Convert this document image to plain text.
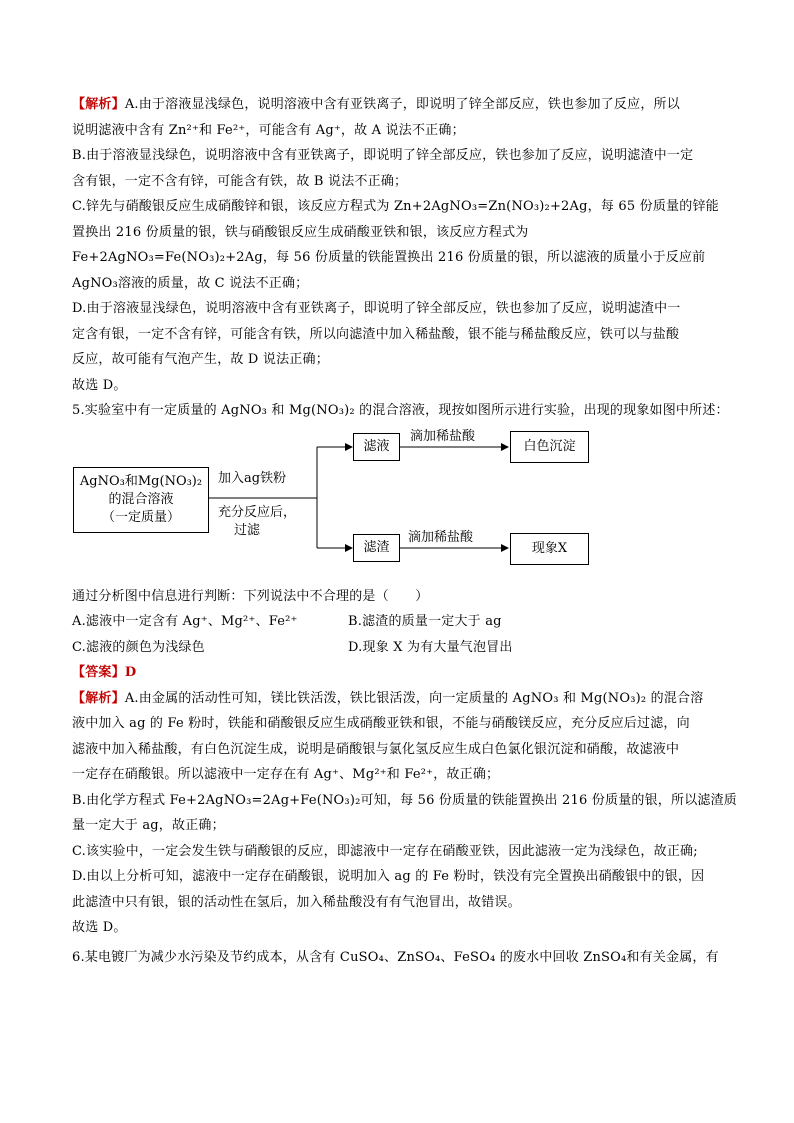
【解析】A.由于溶液显浅绿色，说明溶液中含有亚铁离子，即说明了锌全部反应，铁也参加了反应，所以
说明滤液中含有 Zn²⁺和 Fe²⁺，可能含有 Ag⁺，故 A 说法不正确；
B.由于溶液显浅绿色，说明溶液中含有亚铁离子，即说明了锌全部反应，铁也参加了反应，说明滤渣中一定
含有银，一定不含有锌，可能含有铁，故 B 说法不正确；
C.锌先与硝酸银反应生成硝酸锌和银，该反应方程式为 Zn+2AgNO₃=Zn(NO₃)₂+2Ag，每 65 份质量的锌能
置换出 216 份质量的银，铁与硝酸银反应生成硝酸亚铁和银，该反应方程式为
Fe+2AgNO₃=Fe(NO₃)₂+2Ag，每 56 份质量的铁能置换出 216 份质量的银，所以滤液的质量小于反应前
AgNO₃溶液的质量，故 C 说法不正确；
D.由于溶液显浅绿色，说明溶液中含有亚铁离子，即说明了锌全部反应，铁也参加了反应，说明滤渣中一
定含有银，一定不含有锌，可能含有铁，所以向滤渣中加入稀盐酸，银不能与稀盐酸反应，铁可以与盐酸
反应，故可能有气泡产生，故 D 说法正确；
故选 D。
5.实验室中有一定质量的 AgNO₃ 和 Mg(NO₃)₂ 的混合溶液，现按如图所示进行实验，出现的现象如图中所述：
AgNO₃和Mg(NO₃)₂
的混合溶液
（一定质量）
加入ag铁粉
充分反应后，
过滤
滤液
滤渣
滴加稀盐酸
滴加稀盐酸
白色沉淀
现象X
通过分析图中信息进行判断：下列说法中不合理的是（　　）
A.滤液中一定含有 Ag⁺、Mg²⁺、Fe²⁺	B.滤渣的质量一定大于 ag
C.滤液的颜色为浅绿色	D.现象 X 为有大量气泡冒出
【答案】D
【解析】A.由金属的活动性可知，镁比铁活泼，铁比银活泼，向一定质量的 AgNO₃ 和 Mg(NO₃)₂ 的混合溶
液中加入 ag 的 Fe 粉时，铁能和硝酸银反应生成硝酸亚铁和银，不能与硝酸镁反应，充分反应后过滤，向
滤液中加入稀盐酸，有白色沉淀生成，说明是硝酸银与氯化氢反应生成白色氯化银沉淀和硝酸，故滤液中
一定存在硝酸银。所以滤液中一定存在有 Ag⁺、Mg²⁺和 Fe²⁺，故正确；
B.由化学方程式 Fe+2AgNO₃=2Ag+Fe(NO₃)₂可知，每 56 份质量的铁能置换出 216 份质量的银，所以滤渣质
量一定大于 ag，故正确；
C.该实验中，一定会发生铁与硝酸银的反应，即滤液中一定存在硝酸亚铁，因此滤液一定为浅绿色，故正确;
D.由以上分析可知，滤液中一定存在硝酸银，说明加入 ag 的 Fe 粉时，铁没有完全置换出硝酸银中的银，因
此滤渣中只有银，银的活动性在氢后，加入稀盐酸没有有气泡冒出，故错误。
故选 D。
6.某电镀厂为减少水污染及节约成本，从含有 CuSO₄、ZnSO₄、FeSO₄ 的废水中回收 ZnSO₄和有关金属，有
